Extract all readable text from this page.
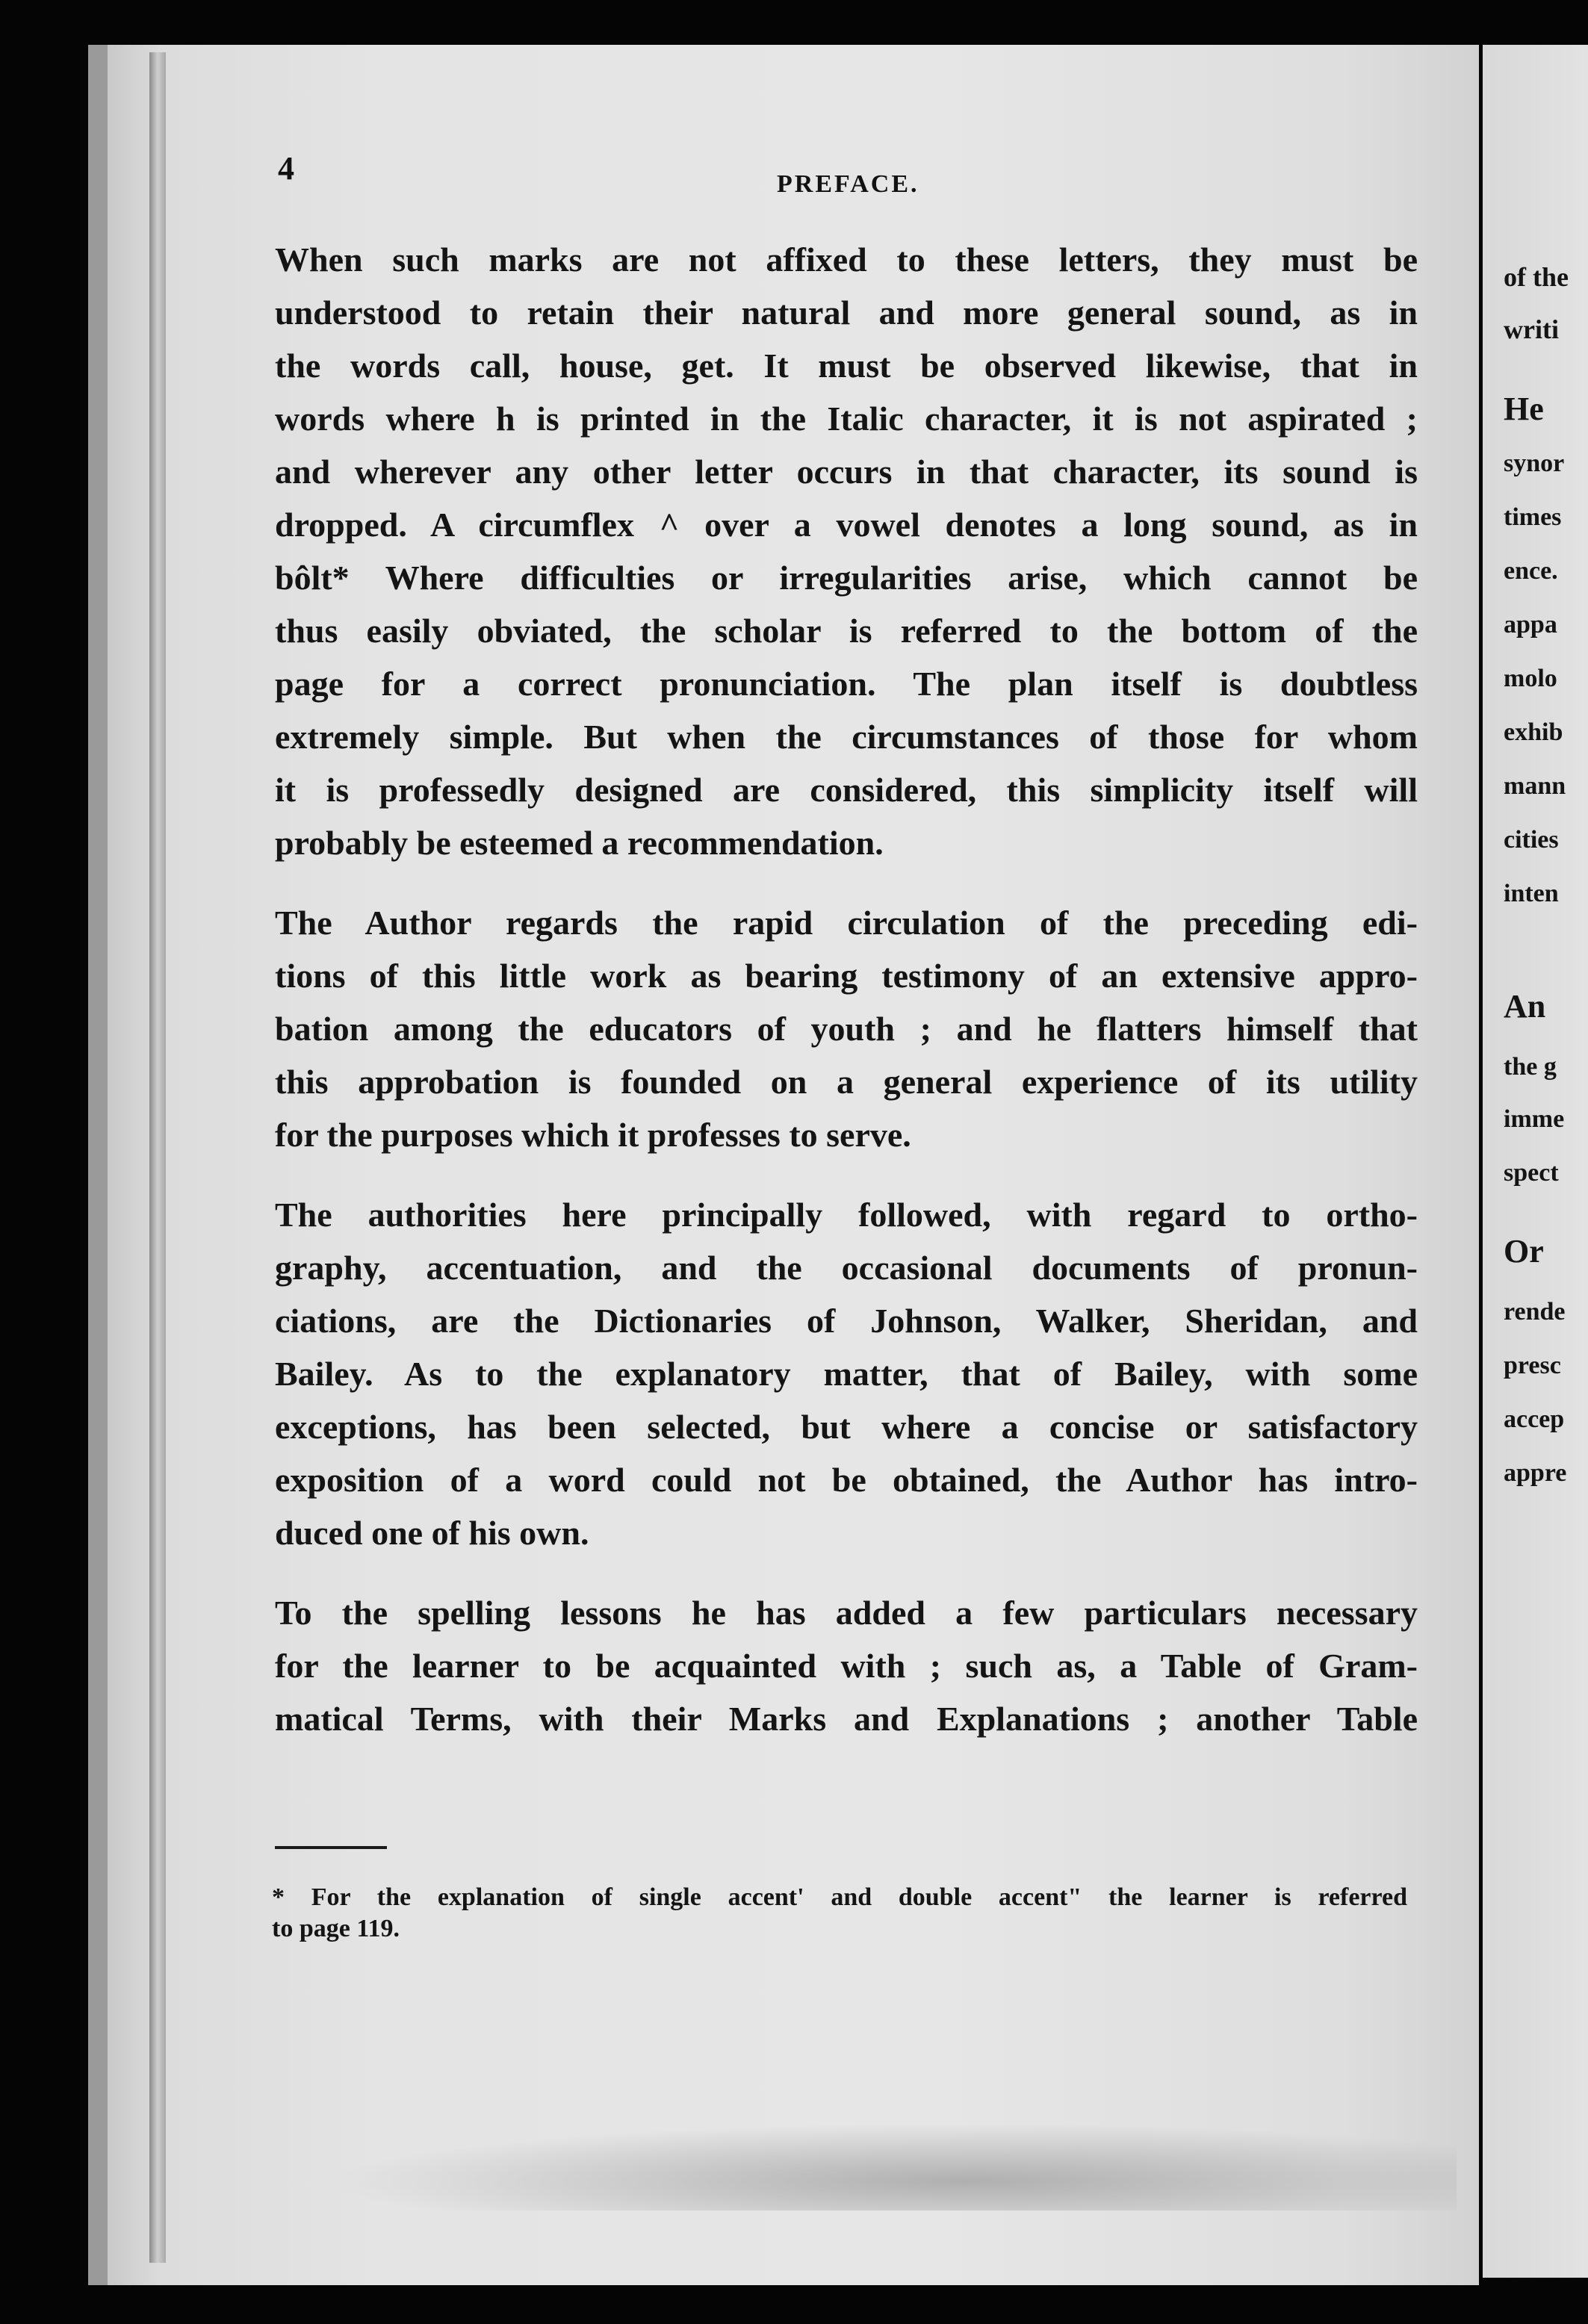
of the
writi
He
synor
times
ence.
appa
molo
exhib
mann
cities
inten
An
the g
imme
spect
Or
rende
presc
accep
appre
4	PREFACE.
When such marks are not affixed to these letters, they must be
understood to retain their natural and more general sound, as in
the words call, house, get. It must be observed likewise, that in
words where h is printed in the Italic character, it is not aspirated ;
and wherever any other letter occurs in that character, its sound is
dropped. A circumflex ^ over a vowel denotes a long sound, as in
bôlt* Where difficulties or irregularities arise, which cannot be
thus easily obviated, the scholar is referred to the bottom of the
page for a correct pronunciation. The plan itself is doubtless
extremely simple. But when the circumstances of those for whom
it is professedly designed are considered, this simplicity itself will
probably be esteemed a recommendation.
The Author regards the rapid circulation of the preceding edi-
tions of this little work as bearing testimony of an extensive appro-
bation among the educators of youth ; and he flatters himself that
this approbation is founded on a general experience of its utility
for the purposes which it professes to serve.
The authorities here principally followed, with regard to ortho-
graphy, accentuation, and the occasional documents of pronun-
ciations, are the Dictionaries of Johnson, Walker, Sheridan, and
Bailey. As to the explanatory matter, that of Bailey, with some
exceptions, has been selected, but where a concise or satisfactory
exposition of a word could not be obtained, the Author has intro-
duced one of his own.
To the spelling lessons he has added a few particulars necessary
for the learner to be acquainted with ; such as, a Table of Gram-
matical Terms, with their Marks and Explanations ; another Table
* For the explanation of single accent' and double accent" the learner is referred
to page 119.
